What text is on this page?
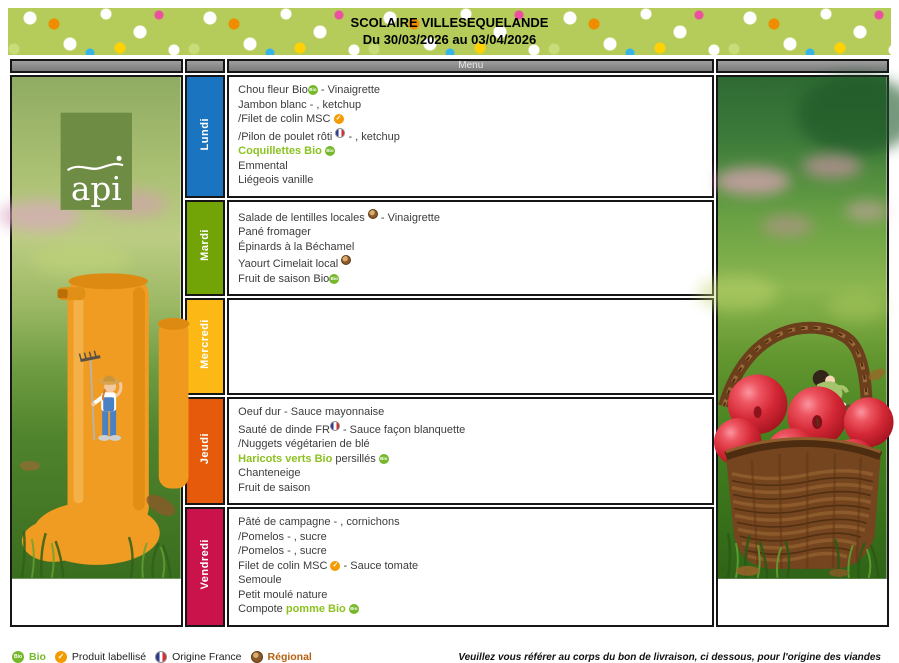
SCOLAIRE VILLESEQUELANDE
Du 30/03/2026 au 03/04/2026
		Menu	

api
	Lundi	
Chou fleur BioBio - Vinaigrette
Jambon blanc - , ketchup
/Filet de colin MSC ✓
/Pilon de poulet rôti  - , ketchup
Coquillettes Bio Bio
Emmental
Liégeois vanille

	Mardi	Salade de lentilles locales  - Vinaigrette
Pané fromager
Épinards à la Béchamel
Yaourt Cimelait local
Fruit de saison BioBio	

	Mercredi		

Jeudi	
Oeuf dur - Sauce mayonnaise
Sauté de dinde FR - Sauce façon blanquette
/Nuggets végétarien de blé
Haricots verts Bio persillés Bio
Chanteneige
Fruit de saison

Vendredi	
Pâté de campagne - , cornichons
/Pomelos - , sucre
/Pomelos - , sucre
Filet de colin MSC ✓ - Sauce tomate
Semoule
Petit moulé nature
Compote pomme Bio Bio
Bio Bio	✓ Produit labellisé Origine France Régional	Veuillez vous référer au corps du bon de livraison, ci dessous, pour l'origine des viandes
